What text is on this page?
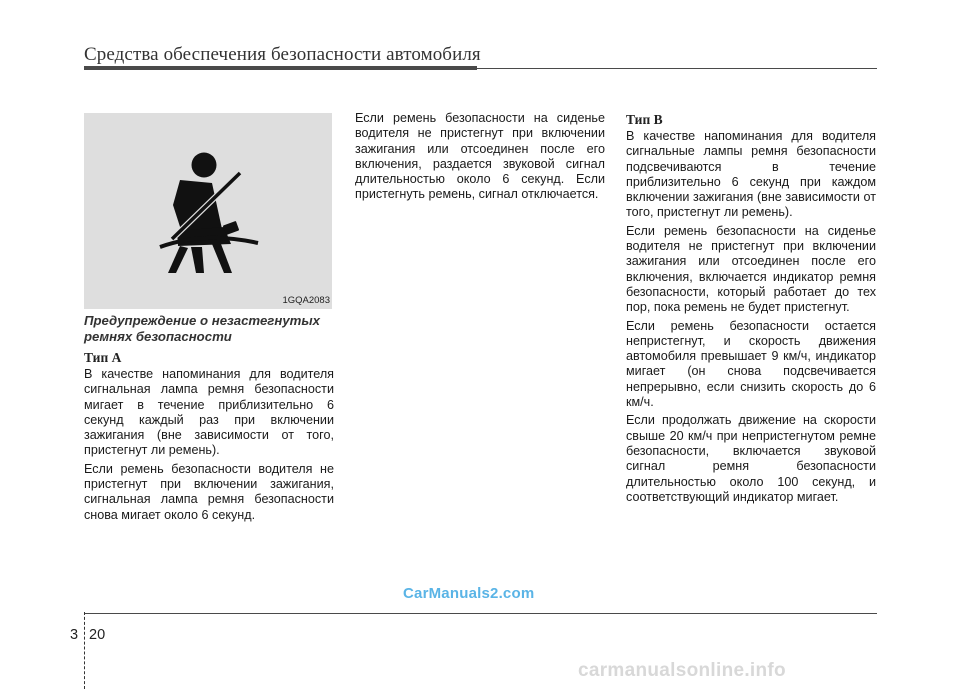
Средства обеспечения безопасности автомобиля
1GQA2083
Предупреждение о незастегнутых ремнях безопасности
Тип А

В качестве напоминания для водителя сигнальная лампа ремня безопасности мигает в течение приблизительно 6 секунд каждый раз при включении зажигания (вне зависимости от того, пристегнут ли ремень).

Если ремень безопасности водителя не пристегнут при включении зажигания, сигнальная лампа ремня безопасности снова мигает около 6 секунд.

Если ремень безопасности на сиденье водителя не пристегнут при включении зажигания или отсоединен после его включения, раздается звуковой сигнал длительностью около 6 секунд. Если пристегнуть ремень, сигнал отключается.

Тип В

В качестве напоминания для водителя сигнальные лампы ремня безопасности подсвечиваются в течение приблизительно 6 секунд при каждом включении зажигания (вне зависимости от того, пристегнут ли ремень).

Если ремень безопасности на сиденье водителя не пристегнут при включении зажигания или отсоединен после его включения, включается индикатор ремня безопасности, который работает до тех пор, пока ремень не будет пристегнут.

Если ремень безопасности остается непристегнут, и скорость движения автомобиля превышает 9 км/ч, индикатор мигает (он снова подсвечивается непрерывно, если снизить скорость до 6 км/ч.

Если продолжать движение на скорости свыше 20 км/ч при непристегнутом ремне безопасности, включается звуковой сигнал ремня безопасности длительностью около 100 секунд, и соответствующий индикатор мигает.

CarManuals2.com
3 20
carmanualsonline.info
